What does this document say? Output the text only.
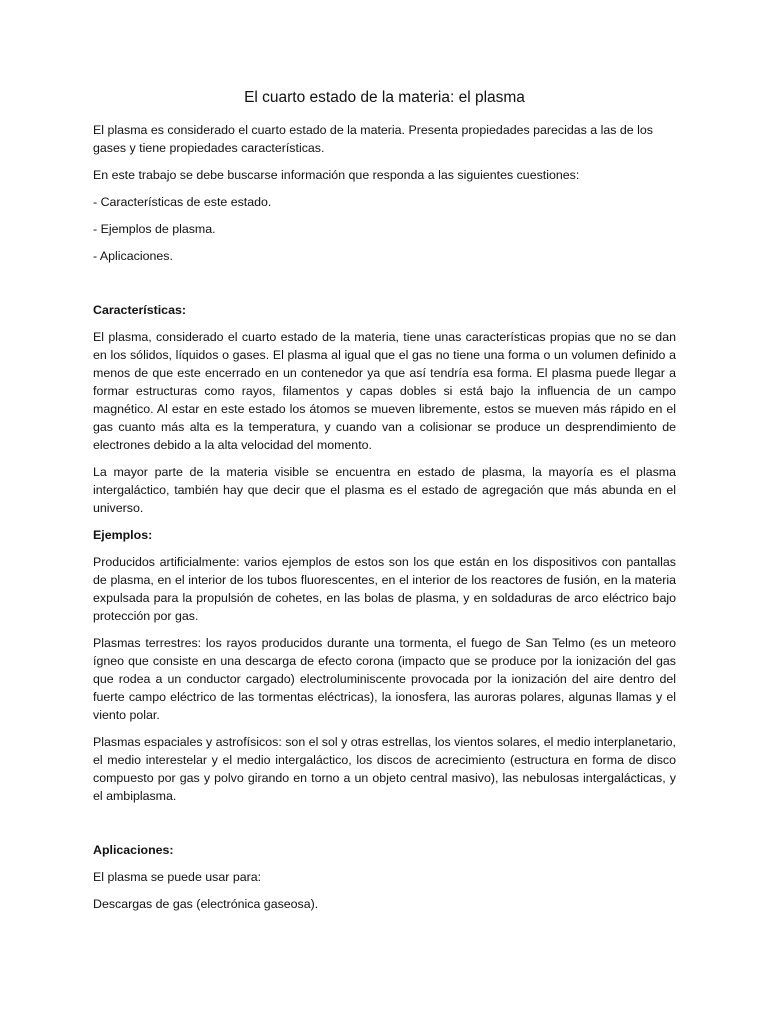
El cuarto estado de la materia: el plasma

El plasma es considerado el cuarto estado de la materia. Presenta propiedades parecidas a las de los gases y tiene propiedades características.

En este trabajo se debe buscarse información que responda a las siguientes cuestiones:

- Características de este estado.

- Ejemplos de plasma.

- Aplicaciones.

Características:

El plasma, considerado el cuarto estado de la materia, tiene unas características propias que no se dan en los sólidos, líquidos o gases. El plasma al igual que el gas no tiene una forma o un volumen definido a menos de que este encerrado en un contenedor ya que así tendría esa forma. El plasma puede llegar a formar estructuras como rayos, filamentos y capas dobles si está bajo la influencia de un campo magnético. Al estar en este estado los átomos se mueven libremente, estos se mueven más rápido en el gas cuanto más alta es la temperatura, y cuando van a colisionar se produce un desprendimiento de electrones debido a la alta velocidad del momento.

La mayor parte de la materia visible se encuentra en estado de plasma, la mayoría es el plasma intergaláctico, también hay que decir que el plasma es el estado de agregación que más abunda en el universo.

Ejemplos:

Producidos artificialmente: varios ejemplos de estos son los que están en los dispositivos con pantallas de plasma, en el interior de los tubos fluorescentes, en el interior de los reactores de fusión, en la materia expulsada para la propulsión de cohetes, en las bolas de plasma, y en soldaduras de arco eléctrico bajo protección por gas.

Plasmas terrestres: los rayos producidos durante una tormenta, el fuego de San Telmo (es un meteoro ígneo que consiste en una descarga de efecto corona (impacto que se produce por la ionización del gas que rodea a un conductor cargado) electroluminiscente provocada por la ionización del aire dentro del fuerte campo eléctrico de las tormentas eléctricas), la ionosfera, las auroras polares, algunas llamas y el viento polar.

Plasmas espaciales y astrofísicos: son el sol y otras estrellas, los vientos solares, el medio interplanetario, el medio interestelar y el medio intergaláctico, los discos de acrecimiento (estructura en forma de disco compuesto por gas y polvo girando en torno a un objeto central masivo), las nebulosas intergalácticas, y el ambiplasma.

Aplicaciones:

El plasma se puede usar para:

Descargas de gas (electrónica gaseosa).
